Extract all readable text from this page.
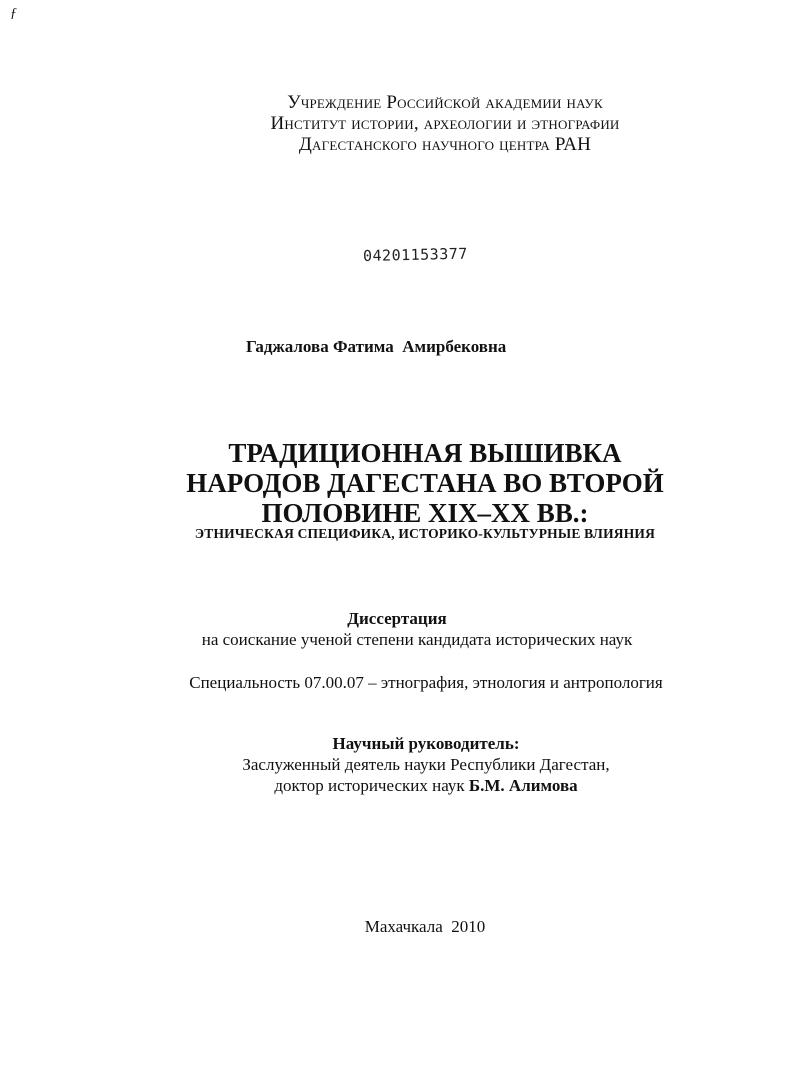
ƒ
Учреждение Российской академии наук
Институт истории, археологии и этнографии
Дагестанского научного центра РАН
04201153377
Гаджалова Фатима  Амирбековна
ТРАДИЦИОННАЯ ВЫШИВКА
НАРОДОВ ДАГЕСТАНА ВО ВТОРОЙ
ПОЛОВИНЕ XIX–XX ВВ.:
ЭТНИЧЕСКАЯ СПЕЦИФИКА, ИСТОРИКО-КУЛЬТУРНЫЕ ВЛИЯНИЯ
Диссертация
на соискание ученой степени кандидата исторических наук
Специальность 07.00.07 – этнография, этнология и антропология
Научный руководитель:
Заслуженный деятель науки Республики Дагестан,
доктор исторических наук Б.М. Алимова
Махачкала  2010
